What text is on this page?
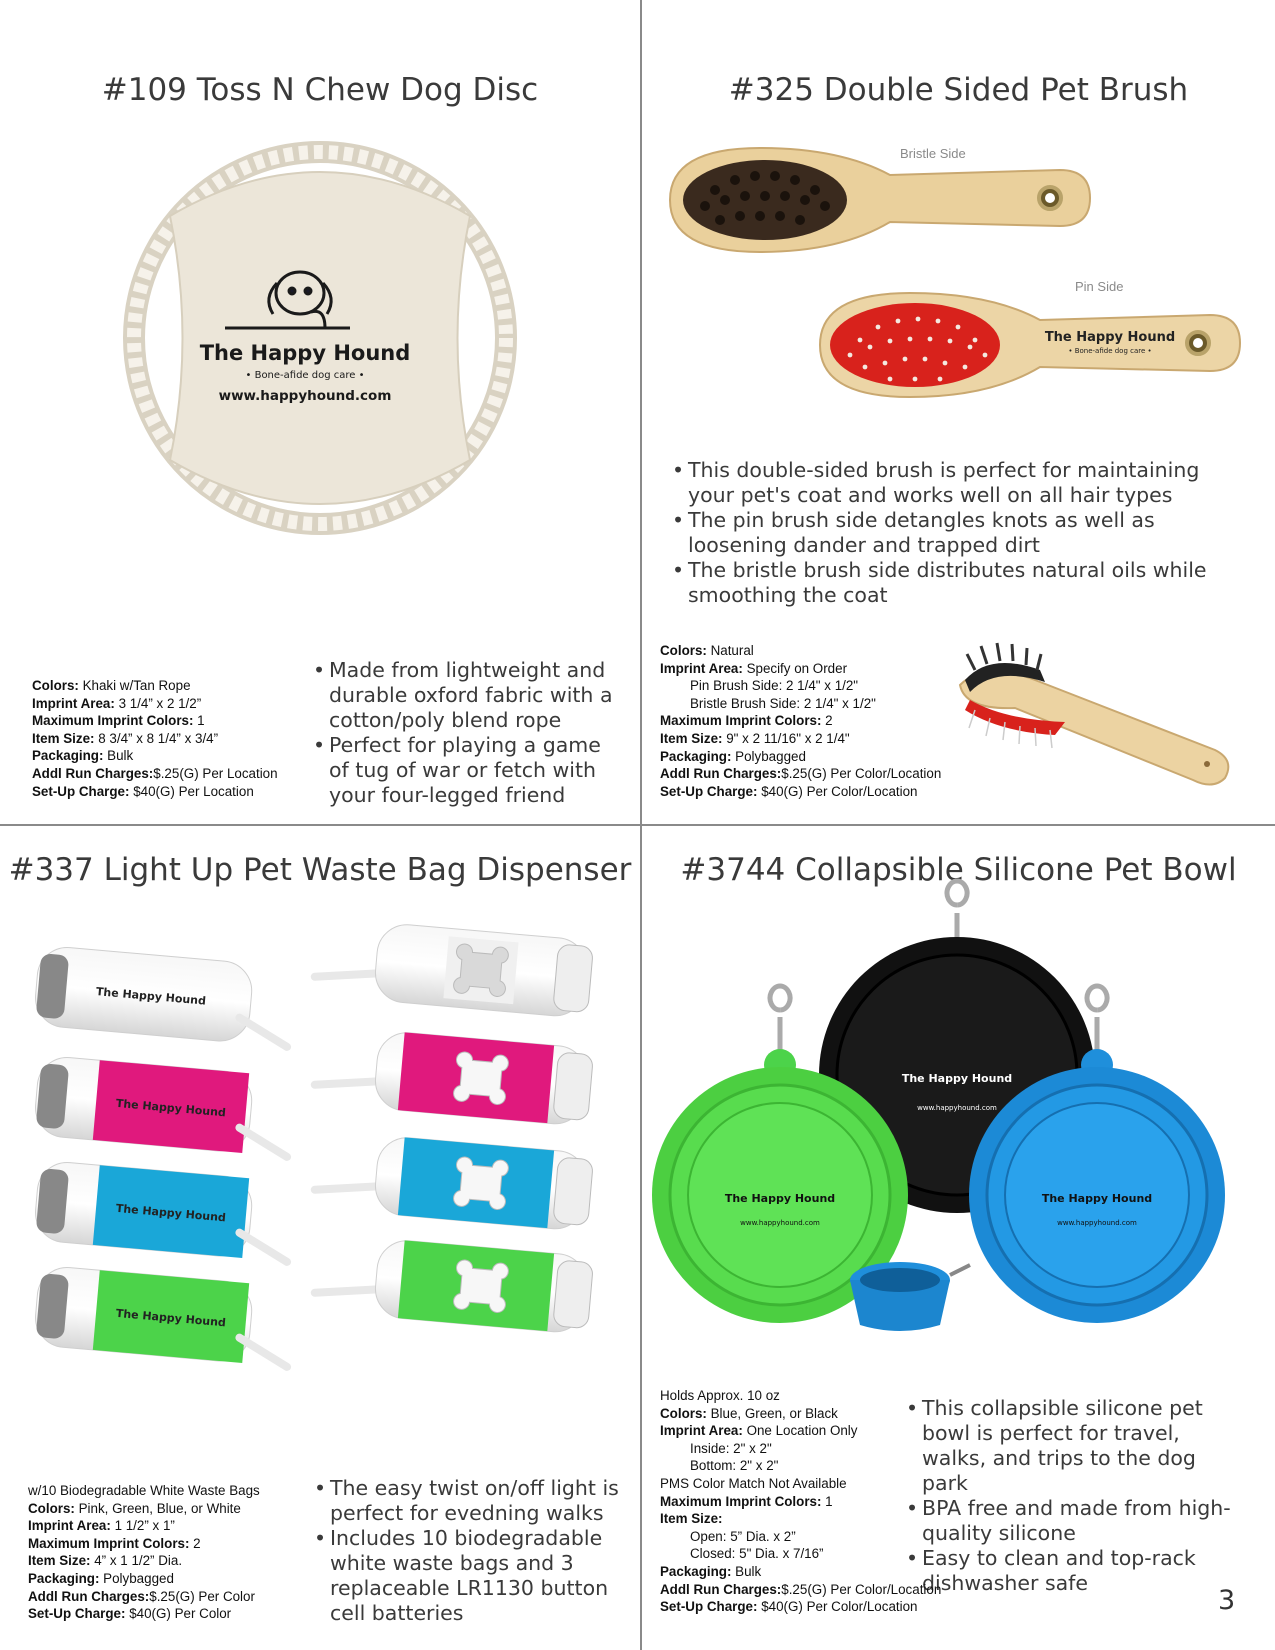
#109 Toss N Chew Dog Disc
The Happy Hound
• Bone-afide dog care •
www.happyhound.com
• Made from lightweight and durable oxford fabric with a cotton/poly blend rope
• Perfect for playing a game of tug of war or fetch with your four-legged friend
Colors: Khaki w/Tan Rope
Imprint Area: 3 1/4” x 2 1/2”
Maximum Imprint Colors: 1
Item Size: 8 3/4” x 8 1/4” x 3/4”
Packaging: Bulk
Addl Run Charges:$.25(G) Per Location
Set-Up Charge: $40(G) Per Location
#325 Double Sided Pet Brush
Bristle Side
Pin Side
The Happy Hound
• Bone-afide dog care •
• This double-sided brush is perfect for maintaining your pet's coat and works well on all hair types
• The pin brush side detangles knots as well as loosening dander and trapped dirt
• The bristle brush side distributes natural oils while smoothing the coat
Colors: Natural
Imprint Area: Specify on Order
Pin Brush Side: 2 1/4" x 1/2"
Bristle Brush Side: 2 1/4" x 1/2"
Maximum Imprint Colors: 2
Item Size: 9" x 2 11/16" x 2 1/4"
Packaging: Polybagged
Addl Run Charges:$.25(G) Per Color/Location
Set-Up Charge: $40(G) Per Color/Location
#337 Light Up Pet Waste Bag Dispenser
The Happy Hound
The Happy Hound
The Happy Hound
The Happy Hound
• The easy twist on/off light is perfect for evedning walks
• Includes 10 biodegradable white waste bags and 3 replaceable LR1130 button cell batteries
w/10 Biodegradable White Waste Bags
Colors: Pink, Green, Blue, or White
Imprint Area: 1 1/2” x 1”
Maximum Imprint Colors: 2
Item Size: 4” x 1 1/2” Dia.
Packaging: Polybagged
Addl Run Charges:$.25(G) Per Color
Set-Up Charge: $40(G) Per Color
#3744 Collapsible Silicone Pet Bowl
The Happy Hound
www.happyhound.com
The Happy Hound
www.happyhound.com
The Happy Hound
www.happyhound.com
• This collapsible silicone pet bowl is perfect for travel, walks, and trips to the dog park
• BPA free and made from high-quality silicone
• Easy to clean and top-rack dishwasher safe
Holds Approx. 10 oz
Colors: Blue, Green, or Black
Imprint Area: One Location Only
Inside: 2" x 2"
Bottom: 2" x 2"
PMS Color Match Not Available
Maximum Imprint Colors: 1
Item Size:
Open: 5” Dia. x 2”
Closed: 5" Dia. x 7/16”
Packaging: Bulk
Addl Run Charges:$.25(G) Per Color/Location
Set-Up Charge: $40(G) Per Color/Location	3
